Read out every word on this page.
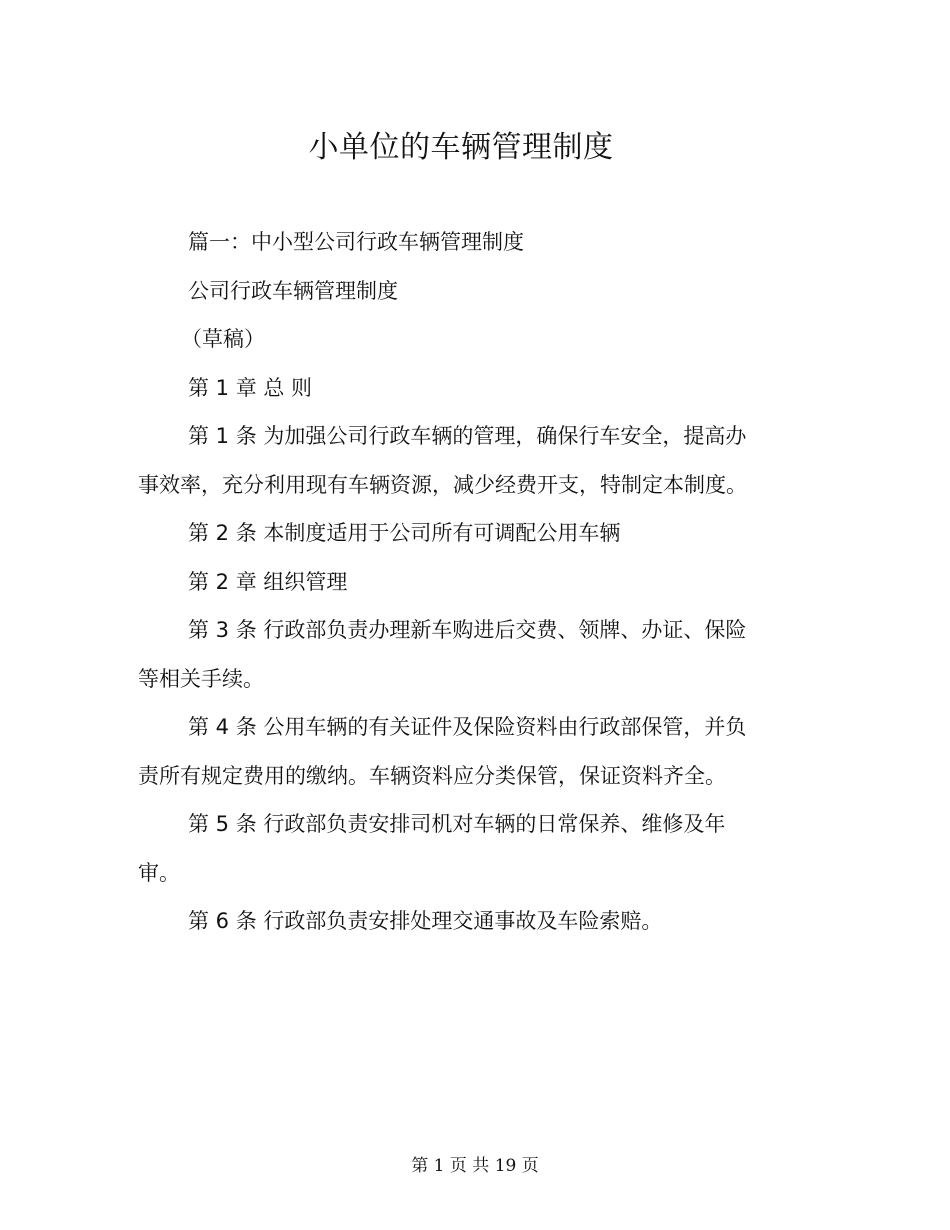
小单位的车辆管理制度

篇一：中小型公司行政车辆管理制度

公司行政车辆管理制度

（草稿）

第 1 章 总 则

第 1 条 为加强公司行政车辆的管理，确保行车安全，提高办事效率，充分利用现有车辆资源，减少经费开支，特制定本制度。

第 2 条 本制度适用于公司所有可调配公用车辆

第 2 章 组织管理

第 3 条 行政部负责办理新车购进后交费、领牌、办证、保险等相关手续。

第 4 条 公用车辆的有关证件及保险资料由行政部保管，并负责所有规定费用的缴纳。车辆资料应分类保管，保证资料齐全。

第 5 条 行政部负责安排司机对车辆的日常保养、维修及年审。

第 6 条 行政部负责安排处理交通事故及车险索赔。

第 1 页 共 19 页
